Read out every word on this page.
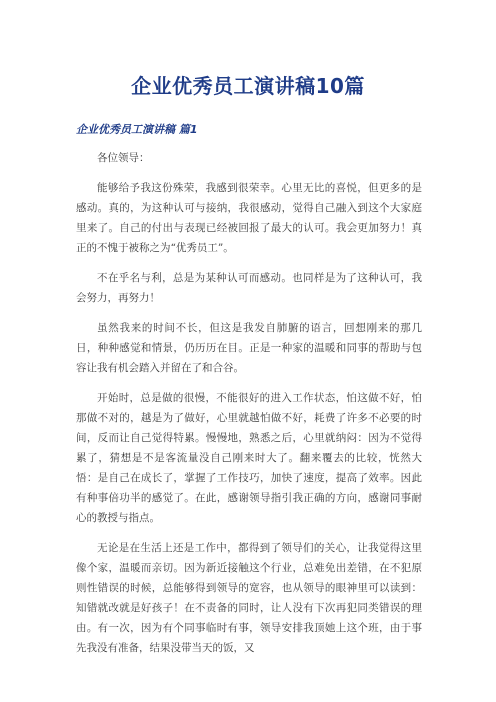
企业优秀员工演讲稿10篇
企业优秀员工演讲稿 篇1

各位领导：

能够给予我这份殊荣，我感到很荣幸。心里无比的喜悦，但更多的是感动。真的，为这种认可与接纳，我很感动，觉得自己融入到这个大家庭里来了。自己的付出与表现已经被回报了最大的认可。我会更加努力！真正的不愧于被称之为“优秀员工”。

不在乎名与利，总是为某种认可而感动。也同样是为了这种认可，我会努力，再努力！

虽然我来的时间不长，但这是我发自肺腑的语言，回想刚来的那几日，种种感觉和情景，仍历历在目。正是一种家的温暖和同事的帮助与包容让我有机会踏入并留在了和合谷。

开始时，总是做的很慢，不能很好的进入工作状态，怕这做不好，怕那做不对的，越是为了做好，心里就越怕做不好，耗费了许多不必要的时间，反而让自己觉得特累。慢慢地，熟悉之后，心里就纳闷：因为不觉得累了，猜想是不是客流量没自己刚来时大了。翻来覆去的比较，恍然大悟：是自己在成长了，掌握了工作技巧，加快了速度，提高了效率。因此有种事倍功半的感觉了。在此，感谢领导指引我正确的方向，感谢同事耐心的教授与指点。

无论是在生活上还是工作中，都得到了领导们的关心，让我觉得这里像个家，温暖而亲切。因为新近接触这个行业，总难免出差错，在不犯原则性错误的时候，总能够得到领导的宽容，也从领导的眼神里可以读到：知错就改就是好孩子！在不责备的同时，让人没有下次再犯同类错误的理由。有一次，因为有个同事临时有事，领导安排我顶她上这个班，由于事先我没有准备，结果没带当天的饭，又
